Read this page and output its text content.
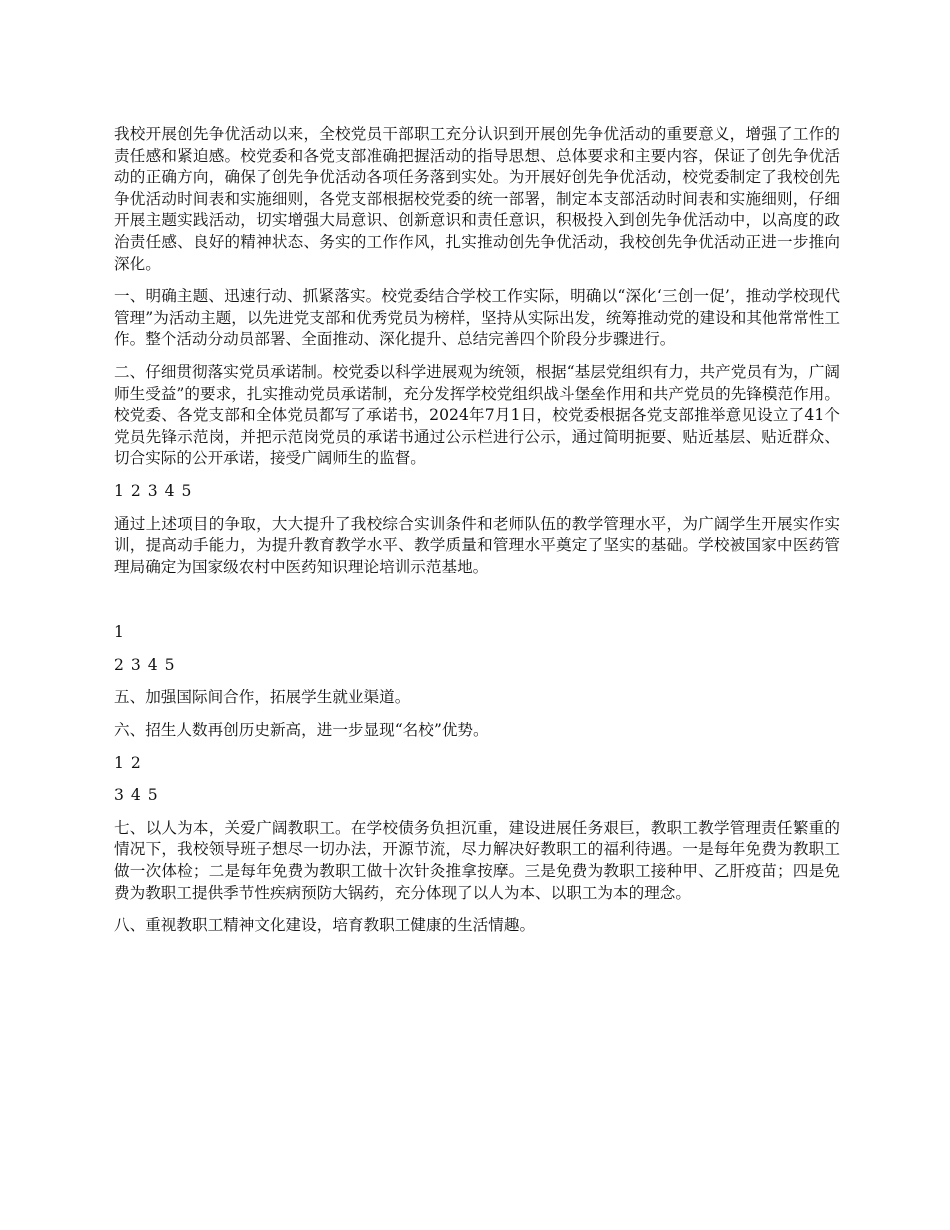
我校开展创先争优活动以来，全校党员干部职工充分认识到开展创先争优活动的重要意义，增强了工作的责任感和紧迫感。校党委和各党支部准确把握活动的指导思想、总体要求和主要内容，保证了创先争优活动的正确方向，确保了创先争优活动各项任务落到实处。为开展好创先争优活动，校党委制定了我校创先争优活动时间表和实施细则，各党支部根据校党委的统一部署，制定本支部活动时间表和实施细则，仔细开展主题实践活动，切实增强大局意识、创新意识和责任意识，积极投入到创先争优活动中，以高度的政治责任感、良好的精神状态、务实的工作作风，扎实推动创先争优活动，我校创先争优活动正进一步推向深化。

一、明确主题、迅速行动、抓紧落实。校党委结合学校工作实际，明确以“深化‘三创一促’，推动学校现代管理”为活动主题，以先进党支部和优秀党员为榜样，坚持从实际出发，统筹推动党的建设和其他常常性工作。整个活动分动员部署、全面推动、深化提升、总结完善四个阶段分步骤进行。

二、仔细贯彻落实党员承诺制。校党委以科学进展观为统领，根据“基层党组织有力，共产党员有为，广阔师生受益”的要求，扎实推动党员承诺制，充分发挥学校党组织战斗堡垒作用和共产党员的先锋模范作用。校党委、各党支部和全体党员都写了承诺书，2024年7月1日，校党委根据各党支部推举意见设立了41个党员先锋示范岗，并把示范岗党员的承诺书通过公示栏进行公示，通过简明扼要、贴近基层、贴近群众、切合实际的公开承诺，接受广阔师生的监督。

1 2 3 4 5

通过上述项目的争取，大大提升了我校综合实训条件和老师队伍的教学管理水平，为广阔学生开展实作实训，提高动手能力，为提升教育教学水平、教学质量和管理水平奠定了坚实的基础。学校被国家中医药管理局确定为国家级农村中医药知识理论培训示范基地。

1

2 3 4 5

五、加强国际间合作，拓展学生就业渠道。

六、招生人数再创历史新高，进一步显现“名校”优势。

1 2

3 4 5

七、以人为本，关爱广阔教职工。在学校债务负担沉重，建设进展任务艰巨，教职工教学管理责任繁重的情况下，我校领导班子想尽一切办法，开源节流，尽力解决好教职工的福利待遇。一是每年免费为教职工做一次体检；二是每年免费为教职工做十次针灸推拿按摩。三是免费为教职工接种甲、乙肝疫苗；四是免费为教职工提供季节性疾病预防大锅药，充分体现了以人为本、以职工为本的理念。

八、重视教职工精神文化建设，培育教职工健康的生活情趣。
